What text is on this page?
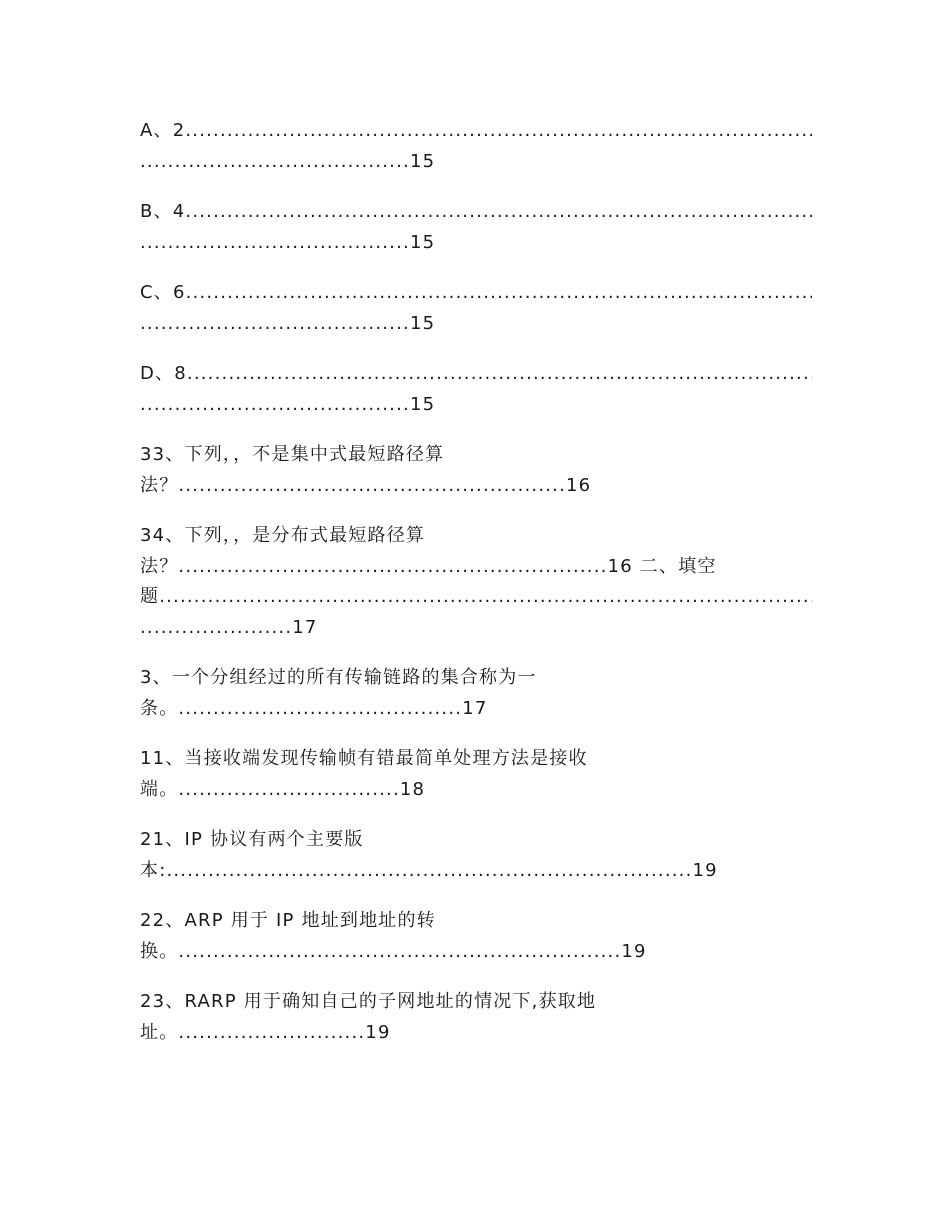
A、2
.....
.......................................15
B、4
.....
.......................................15
C、6
.....
.......................................15
D、8
.....
.......................................15
33、下列，，不是集中式最短路径算
法？........................................................16
34、下列，，是分布式最短路径算
法？..............................................................16 二、填空
题
.....
......................17
3、一个分组经过的所有传输链路的集合称为一
条。.........................................17
11、当接收端发现传输帧有错最简单处理方法是接收
端。................................18
21、IP 协议有两个主要版
本:............................................................................19
22、ARP 用于 IP 地址到地址的转
换。................................................................19
23、RARP 用于确知自己的子网地址的情况下,获取地
址。...........................19
